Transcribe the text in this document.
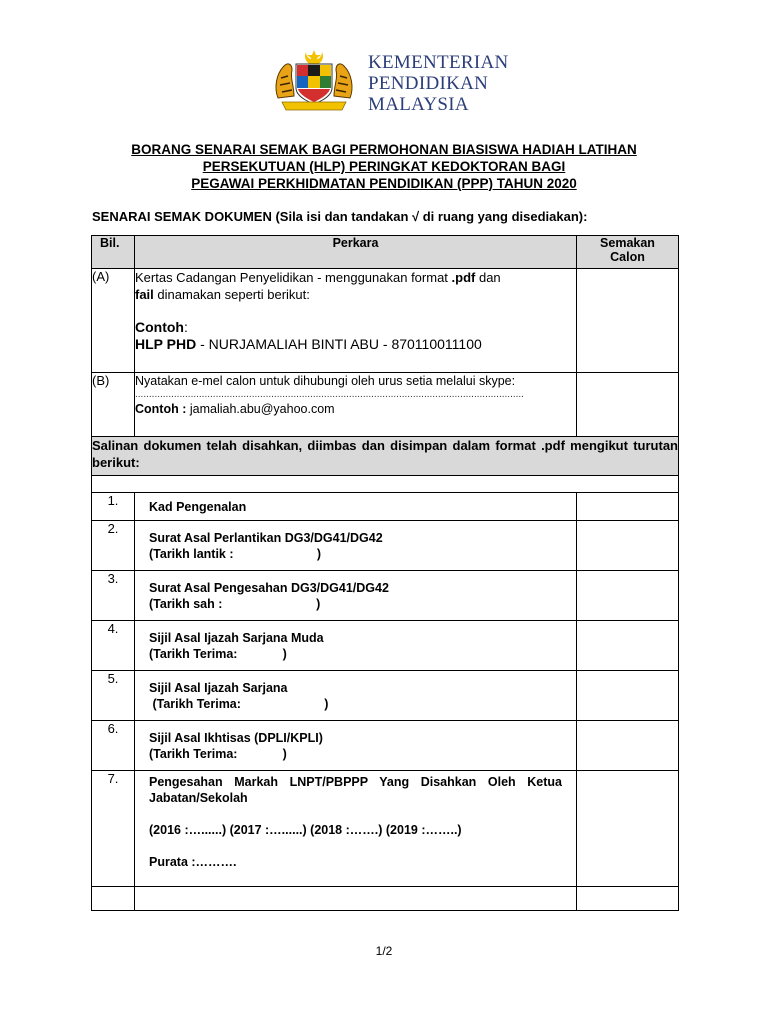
KEMENTERIAN
PENDIDIKAN
MALAYSIA
BORANG SENARAI SEMAK BAGI PERMOHONAN BIASISWA HADIAH LATIHAN
PERSEKUTUAN (HLP) PERINGKAT KEDOKTORAN BAGI
PEGAWAI PERKHIDMATAN PENDIDIKAN (PPP) TAHUN 2020
SENARAI SEMAK DOKUMEN (Sila isi dan tandakan √ di ruang yang disediakan):
Bil.	Perkara	Semakan
Calon

(A)	Kertas Cadangan Penyelidikan - menggunakan format .pdf dan
fail dinamakan seperti berikut:
Contoh:
HLP PHD - NURJAMALIAH BINTI ABU - 870110011100	

(B)	Nyatakan e-mel calon untuk dihubungi oleh urus setia melalui skype:
............................................................................................................................................
Contoh : jamaliah.abu@yahoo.com	

Salinan dokumen telah disahkan, diimbas dan disimpan dalam format .pdf mengikut turutan berikut:		

1.	Kad Pengenalan	

2.	Surat Asal Perlantikan DG3/DG41/DG42
(Tarikh lantik :                        )	

3.	Surat Asal Pengesahan DG3/DG41/DG42
(Tarikh sah :                           )	

4.	Sijil Asal Ijazah Sarjana Muda
(Tarikh Terima:             )	

5.	Sijil Asal Ijazah Sarjana
(Tarikh Terima:                        )	

6.	Sijil Asal Ikhtisas (DPLI/KPLI)
(Tarikh Terima:             )	

7.	Pengesahan Markah LNPT/PBPPP Yang Disahkan Oleh Ketua Jabatan/Sekolah
(2016 :…......) (2017 :…......) (2018 :…….) (2019 :……..)
Purata :……….	

1/2
